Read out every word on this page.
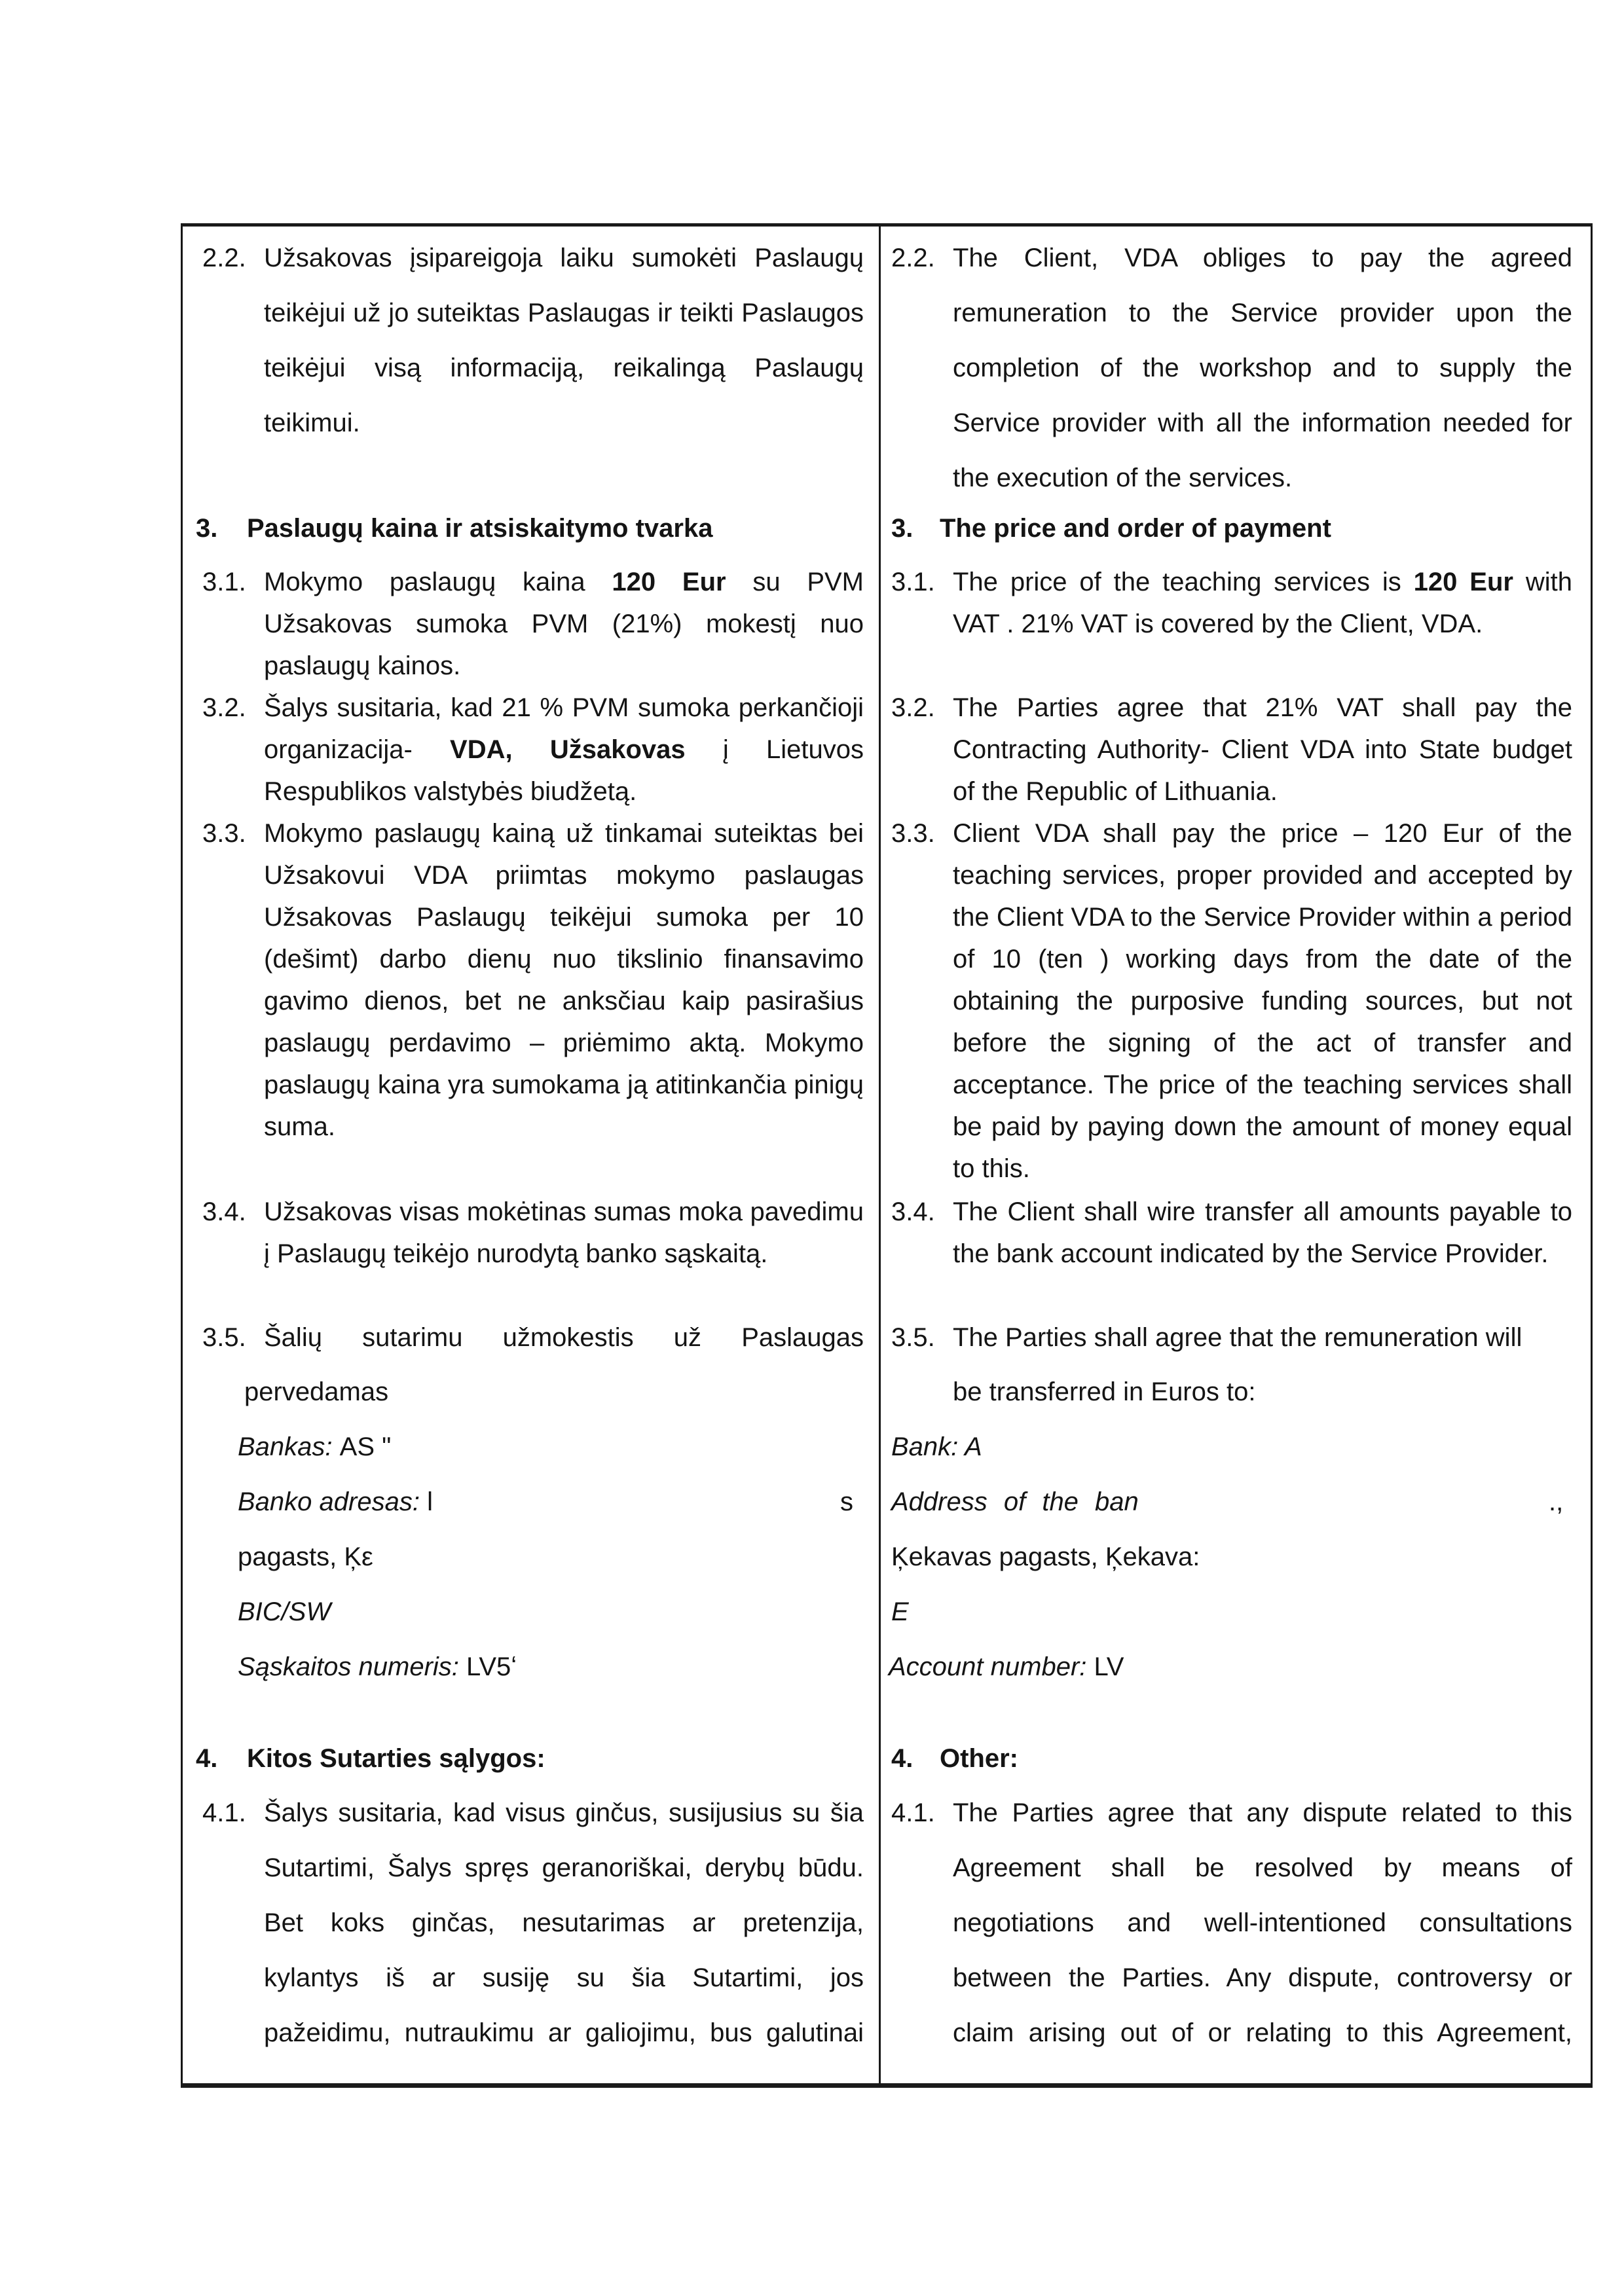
2.2. Užsakovas įsipareigoja laiku sumokėti Paslaugų teikėjui už jo suteiktas Paslaugas ir teikti Paslaugos teikėjui visą informaciją, reikalingą Paslaugų teikimui.
3. Paslaugų kaina ir atsiskaitymo tvarka
3.1. Mokymo paslaugų kaina 120 Eur su PVM Užsakovas sumoka PVM (21%) mokestį nuo paslaugų kainos.
3.2. Šalys susitaria, kad 21 % PVM sumoka perkančioji organizacija- VDA, Užsakovas į Lietuvos Respublikos valstybės biudžetą.
3.3. Mokymo paslaugų kainą už tinkamai suteiktas bei Užsakovui VDA priimtas mokymo paslaugas Užsakovas Paslaugų teikėjui sumoka per 10 (dešimt) darbo dienų nuo tikslinio finansavimo gavimo dienos, bet ne anksčiau kaip pasirašius paslaugų perdavimo – priėmimo aktą. Mokymo paslaugų kaina yra sumokama ją atitinkančia pinigų suma.
3.4. Užsakovas visas mokėtinas sumas moka pavedimu į Paslaugų teikėjo nurodytą banko sąskaitą.
3.5. Šalių sutarimu užmokestis už Paslaugas
pervedamas
Bankas: AS "
Banko adresas: l	s
pagasts, Ķε
BIC/SW
Sąskaitos numeris: LV5ʻ
4. Kitos Sutarties sąlygos:
4.1. Šalys susitaria, kad visus ginčus, susijusius su šia
Sutartimi, Šalys spręs geranoriškai, derybų būdu.
Bet koks ginčas, nesutarimas ar pretenzija,
kylantys iš ar susiję su šia Sutartimi, jos
pažeidimu, nutraukimu ar galiojimu, bus galutinai
2.2. The Client, VDA obliges to pay the agreed remuneration to the Service provider upon the completion of the workshop and to supply the Service provider with all the information needed for the execution of the services.
3. The price and order of payment
3.1. The price of the teaching services is 120 Eur with VAT . 21% VAT is covered by the Client, VDA.
3.2. The Parties agree that 21% VAT shall pay the Contracting Authority- Client VDA into State budget of the Republic of Lithuania.
3.3. Client VDA shall pay the price – 120 Eur of the teaching services, proper provided and accepted by the Client VDA to the Service Provider within a period of 10 (ten ) working days from the date of the obtaining the purposive funding sources, but not before the signing of the act of transfer and acceptance. The price of the teaching services shall be paid by paying down the amount of money equal to this.
3.4. The Client shall wire transfer all amounts payable to the bank account indicated by the Service Provider.
3.5. The Parties shall agree that the remuneration will
be transferred in Euros to:
Bank: A
Address of the ban	.,
Ķekavas pagasts, Ķekava:
E
Account number: LV
4. Other:
4.1. The Parties agree that any dispute related to this
Agreement shall be resolved by means of
negotiations and well-intentioned consultations
between the Parties. Any dispute, controversy or
claim arising out of or relating to this Agreement,
